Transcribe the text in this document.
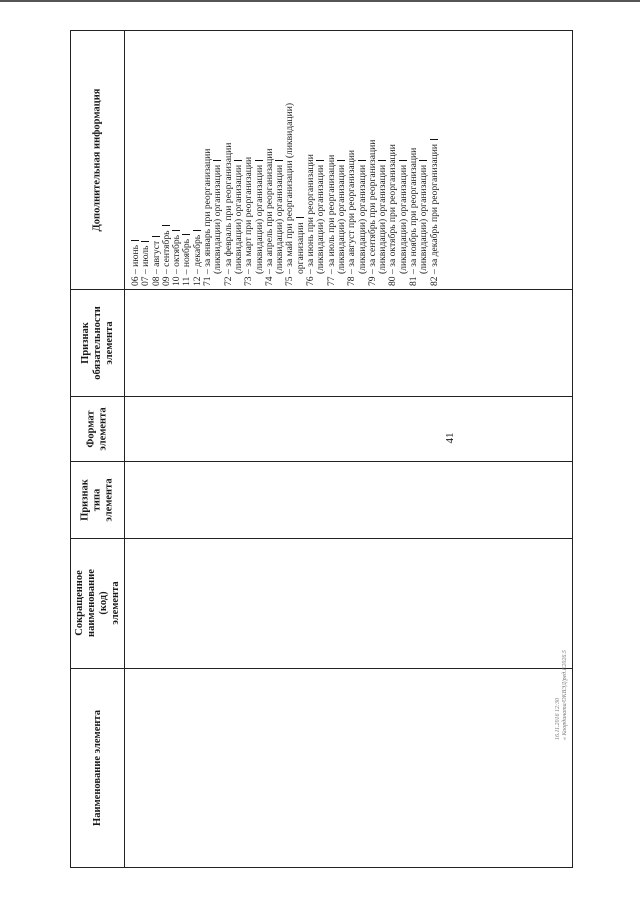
41
Дополнительная информация
Признак обязательности элемента
Формат элемента
Признак типа элемента
Сокращенное наименование (код) элемента
Наименование элемента
06 – июнь 07 – июль 08 – август 09 – сентябрь 10 – октябрь 11 – ноябрь 12 – декабрь 71 – за январь при реорганизации (ликвидации) организации 72 – за февраль при реорганизации (ликвидации) организации 73 – за март при реорганизации (ликвидации) организации 74 – за апрель при реорганизации (ликвидации) организации 75 – за май при реорганизации (ликвидации) организации 76 – за июнь при реорганизации (ликвидации) организации 77 – за июль при реорганизации (ликвидации) организации 78 – за август при реорганизации (ликвидации) организации 79 – за сентябрь при реорганизации (ликвидации) организации 80 – за октябрь при реорганизации (ликвидации) организации 81 – за ноябрь при реорганизации (ликвидации) организации 82 – за декабрь при реорганизации
16.11.2016 12:30 « Координата/ОКВЭД/ред.Е2026.5
